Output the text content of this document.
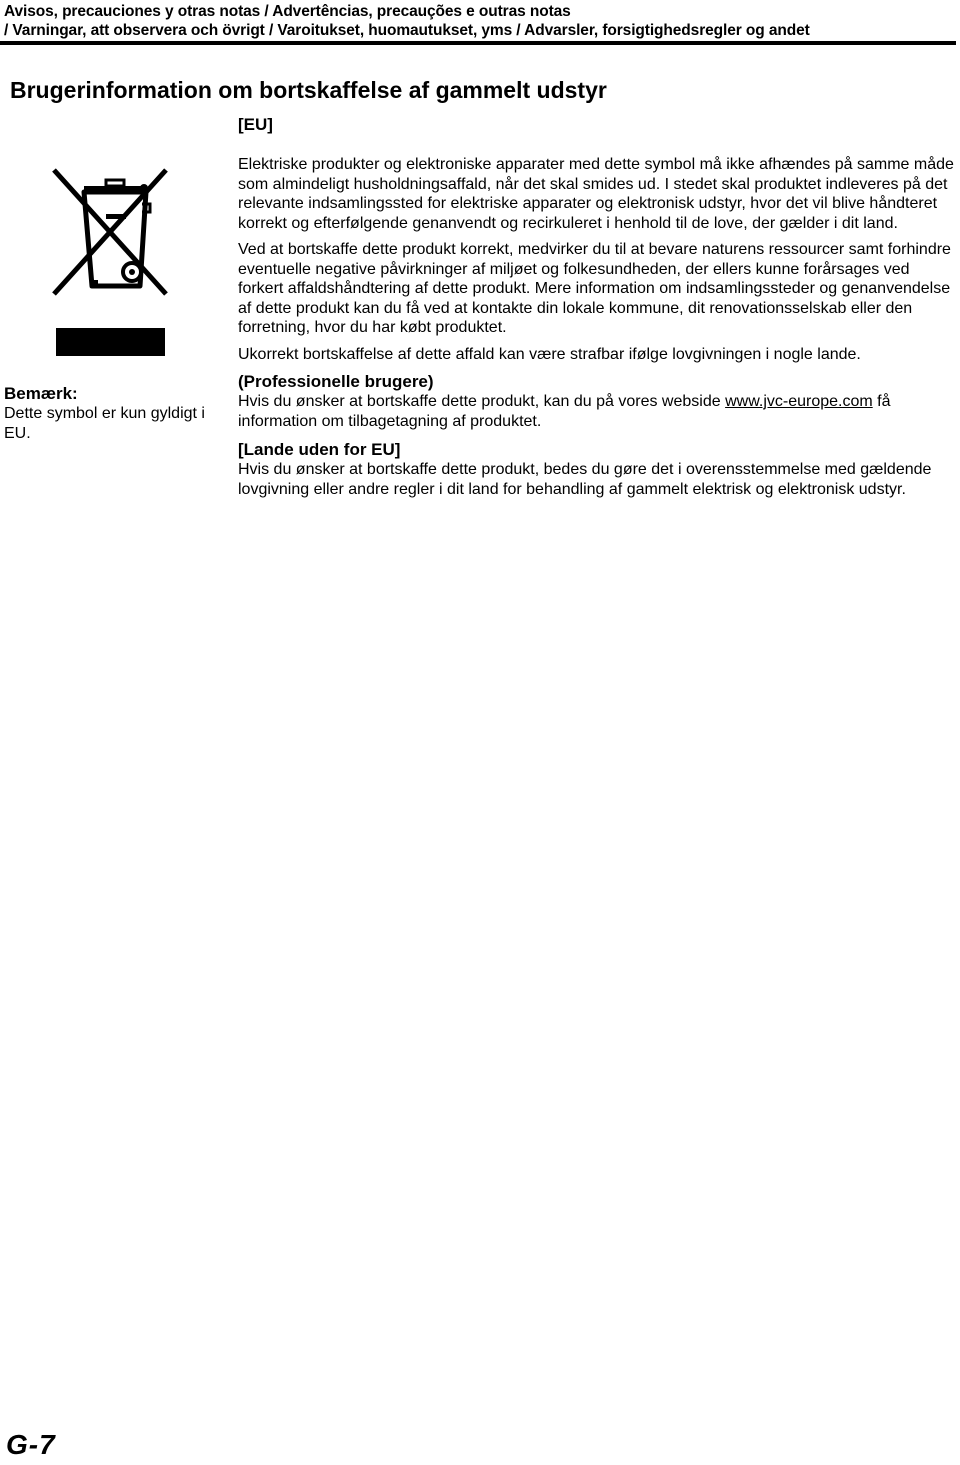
Avisos, precauciones y otras notas / Advertências, precauções e outras notas
/ Varningar, att observera och övrigt / Varoitukset, huomautukset, yms / Advarsler, forsigtighedsregler og andet
Brugerinformation om bortskaffelse af gammelt udstyr
Bemærk:
Dette symbol er kun gyldigt i EU.
[EU]

Elektriske produkter og elektroniske apparater med dette symbol må ikke afhændes på samme måde som almindeligt husholdningsaffald, når det skal smides ud. I stedet skal produktet indleveres på det relevante indsamlingssted for elektriske apparater og elektronisk udstyr, hvor det vil blive håndteret korrekt og efterfølgende genanvendt og recirkuleret i henhold til de love, der gælder i dit land.

Ved at bortskaffe dette produkt korrekt, medvirker du til at bevare naturens ressourcer samt forhindre eventuelle negative påvirkninger af miljøet og folkesundheden, der ellers kunne forårsages ved forkert affaldshåndtering af dette produkt. Mere information om indsamlingssteder og genanvendelse af dette produkt kan du få ved at kontakte din lokale kommune, dit renovationsselskab eller den forretning, hvor du har købt produktet.

Ukorrekt bortskaffelse af dette affald kan være strafbar ifølge lovgivningen i nogle lande.

(Professionelle brugere)

Hvis du ønsker at bortskaffe dette produkt, kan du på vores webside www.jvc-europe.com få information om tilbagetagning af produktet.

[Lande uden for EU]

Hvis du ønsker at bortskaffe dette produkt, bedes du gøre det i overensstemmelse med gældende lovgivning eller andre regler i dit land for behandling af gammelt elektrisk og elektronisk udstyr.

G-7
